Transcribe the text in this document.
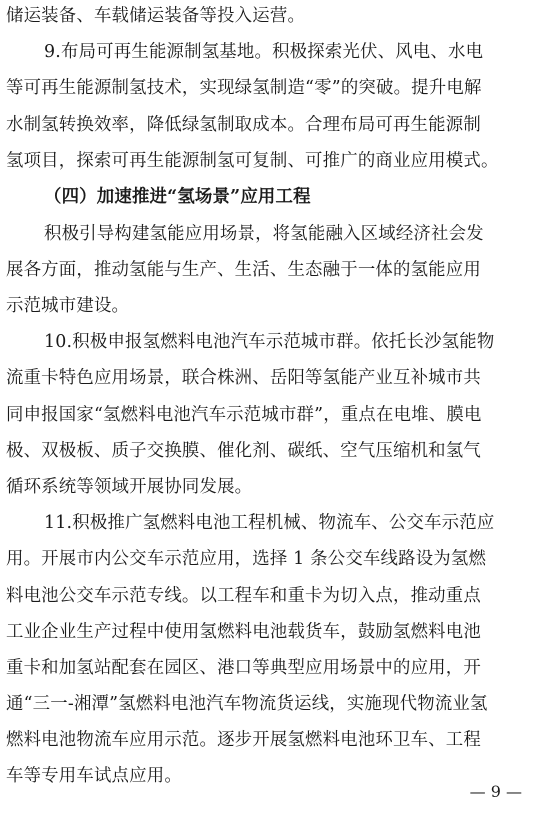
储运装备、车载储运装备等投入运营。
9.布局可再生能源制氢基地。积极探索光伏、风电、水电
等可再生能源制氢技术，实现绿氢制造“零”的突破。提升电解
水制氢转换效率，降低绿氢制取成本。合理布局可再生能源制
氢项目，探索可再生能源制氢可复制、可推广的商业应用模式。
（四）加速推进“氢场景”应用工程
积极引导构建氢能应用场景，将氢能融入区域经济社会发
展各方面，推动氢能与生产、生活、生态融于一体的氢能应用
示范城市建设。
10.积极申报氢燃料电池汽车示范城市群。依托长沙氢能物
流重卡特色应用场景，联合株洲、岳阳等氢能产业互补城市共
同申报国家“氢燃料电池汽车示范城市群”，重点在电堆、膜电
极、双极板、质子交换膜、催化剂、碳纸、空气压缩机和氢气
循环系统等领域开展协同发展。
11.积极推广氢燃料电池工程机械、物流车、公交车示范应
用。开展市内公交车示范应用，选择 1 条公交车线路设为氢燃
料电池公交车示范专线。以工程车和重卡为切入点，推动重点
工业企业生产过程中使用氢燃料电池载货车，鼓励氢燃料电池
重卡和加氢站配套在园区、港口等典型应用场景中的应用，开
通“三一-湘潭”氢燃料电池汽车物流货运线，实施现代物流业氢
燃料电池物流车应用示范。逐步开展氢燃料电池环卫车、工程
车等专用车试点应用。
— 9 —
